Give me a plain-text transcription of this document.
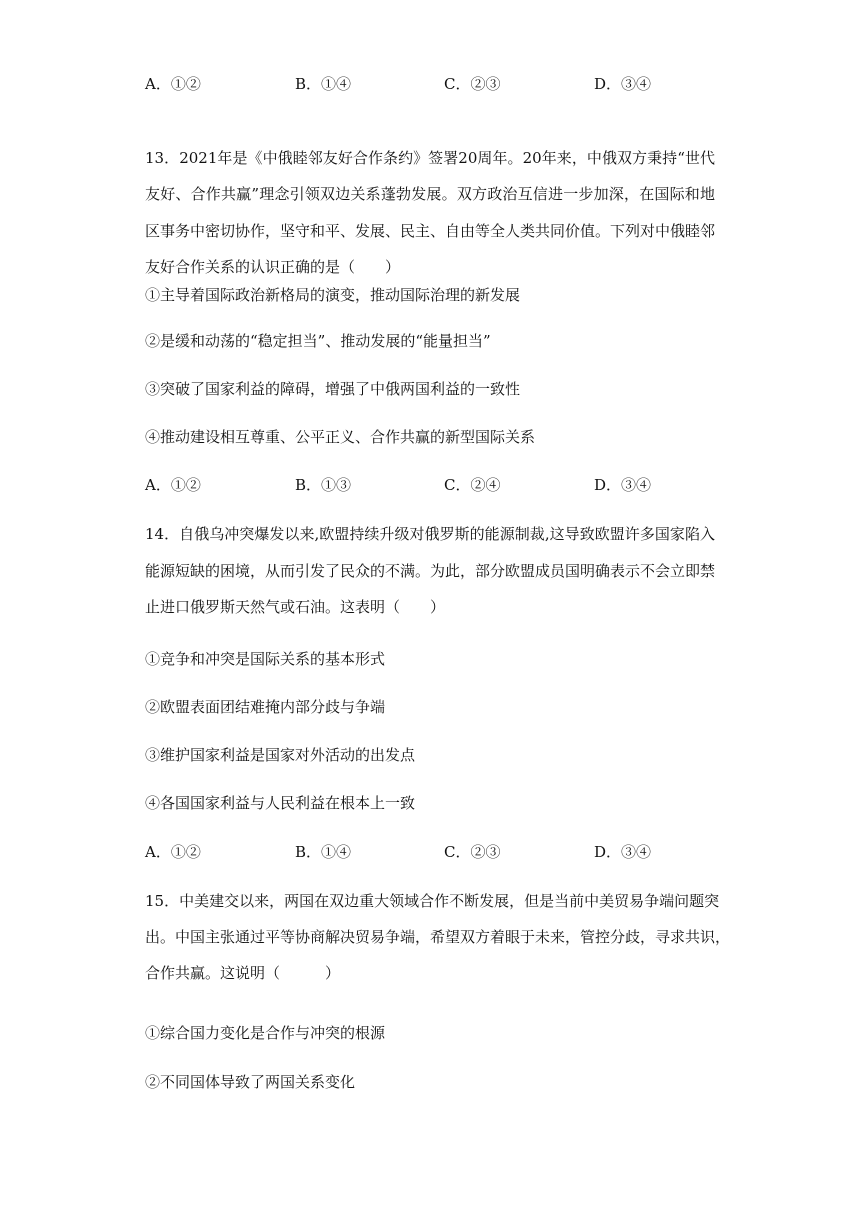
A．①②	B．①④	C．②③	D．③④
13．2021年是《中俄睦邻友好合作条约》签署20周年。20年来，中俄双方秉持“世代
友好、合作共赢”理念引领双边关系蓬勃发展。双方政治互信进一步加深，在国际和地
区事务中密切协作，坚守和平、发展、民主、自由等全人类共同价值。下列对中俄睦邻
友好合作关系的认识正确的是（　　）
①主导着国际政治新格局的演变，推动国际治理的新发展
②是缓和动荡的“稳定担当”、推动发展的“能量担当”
③突破了国家利益的障碍，增强了中俄两国利益的一致性
④推动建设相互尊重、公平正义、合作共赢的新型国际关系
A．①②	B．①③	C．②④	D．③④
14．自俄乌冲突爆发以来,欧盟持续升级对俄罗斯的能源制裁,这导致欧盟许多国家陷入
能源短缺的困境，从而引发了民众的不满。为此，部分欧盟成员国明确表示不会立即禁
止进口俄罗斯天然气或石油。这表明（　　）
①竞争和冲突是国际关系的基本形式
②欧盟表面团结难掩内部分歧与争端
③维护国家利益是国家对外活动的出发点
④各国国家利益与人民利益在根本上一致
A．①②	B．①④	C．②③	D．③④
15．中美建交以来，两国在双边重大领域合作不断发展，但是当前中美贸易争端问题突
出。中国主张通过平等协商解决贸易争端，希望双方着眼于未来，管控分歧，寻求共识，
合作共赢。这说明（　　　）
①综合国力变化是合作与冲突的根源
②不同国体导致了两国关系变化
